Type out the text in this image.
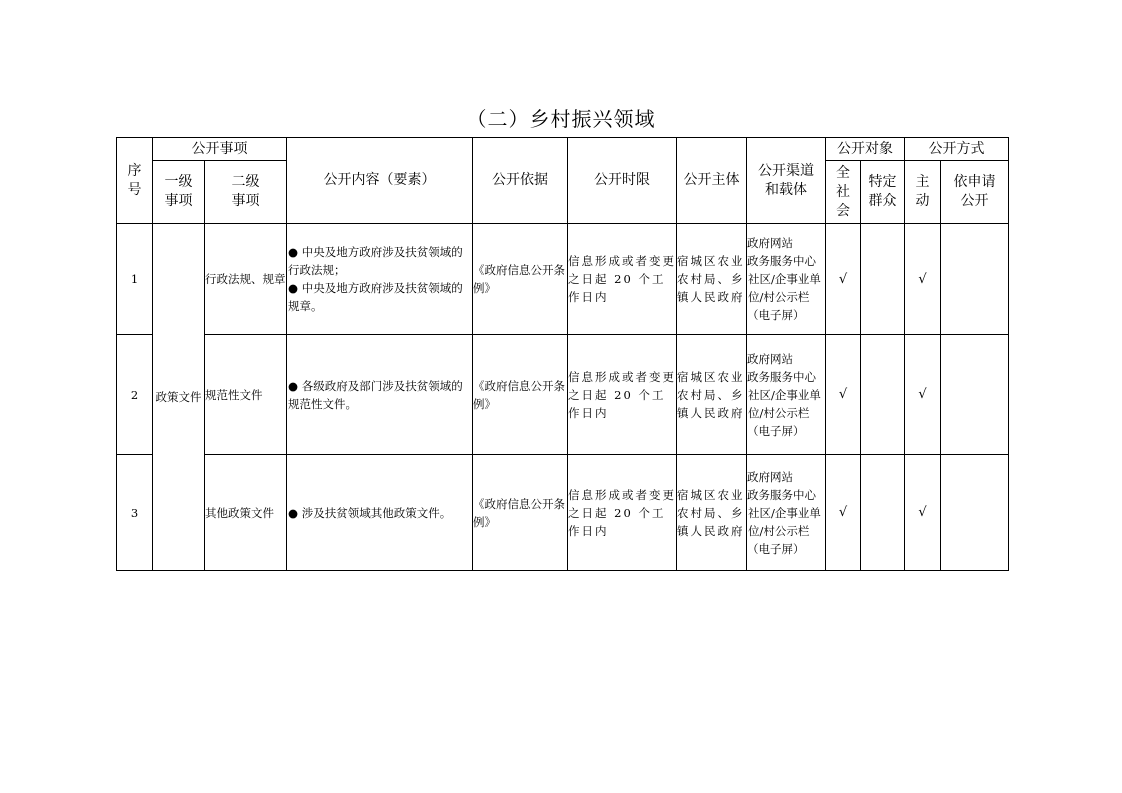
（二）乡村振兴领域
序号	公开事项		公开内容（要素）	公开依据	公开时限	公开主体	公开渠道和载体	公开对象		公开方式	
	一级事项	二级事项						全社会	特定群众	主动	依申请公开
1	政策文件	行政法规、规章	● 中央及地方政府涉及扶贫领域的行政法规；
● 中央及地方政府涉及扶贫领域的规章。	《政府信息公开条例》	信息形成或者变更之日起 20 个工作日内	宿城区农业农村局、乡镇人民政府	政府网站
政务服务中心
社区/企事业单位/村公示栏
（电子屏）	√		√	
2		规范性文件	● 各级政府及部门涉及扶贫领域的规范性文件。	《政府信息公开条例》	信息形成或者变更之日起 20 个工作日内	宿城区农业农村局、乡镇人民政府	政府网站
政务服务中心
社区/企事业单位/村公示栏
（电子屏）	√		√	
3		其他政策文件	● 涉及扶贫领域其他政策文件。	《政府信息公开条例》	信息形成或者变更之日起 20 个工作日内	宿城区农业农村局、乡镇人民政府	政府网站
政务服务中心
社区/企事业单位/村公示栏
（电子屏）	√		√	
